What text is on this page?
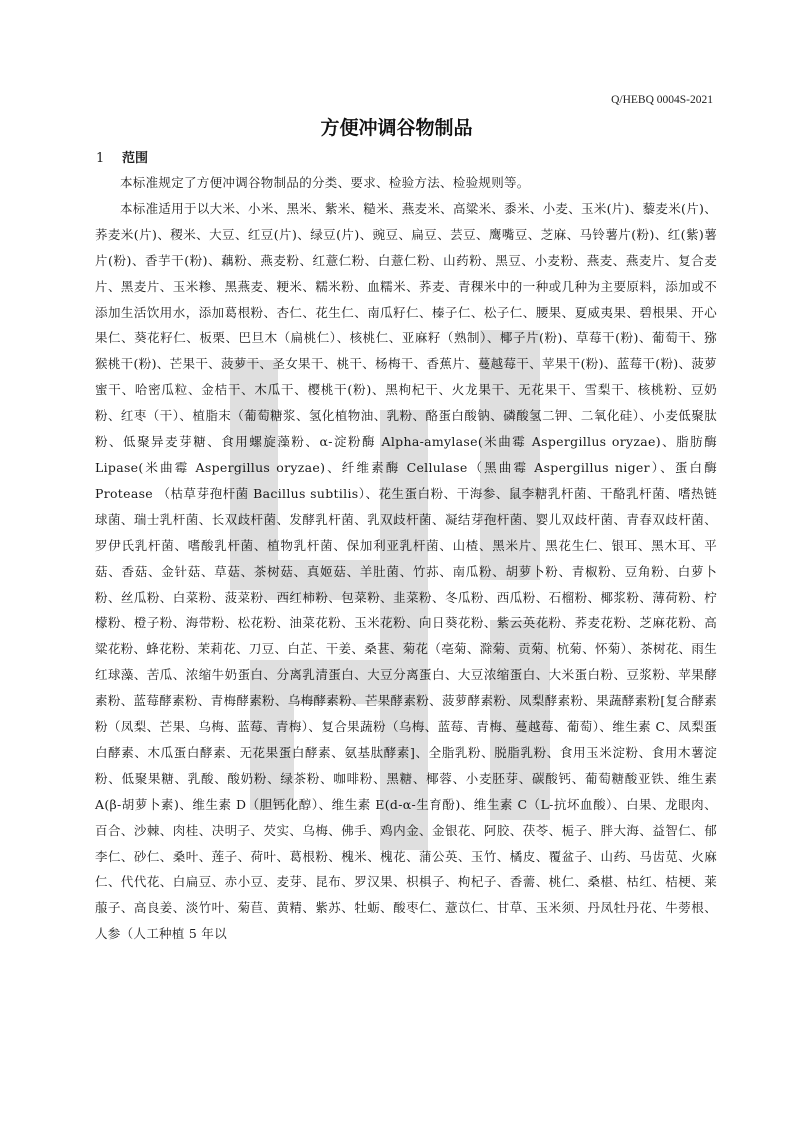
Q/HEBQ 0004S-2021
方便冲调谷物制品
1 范围

本标准规定了方便冲调谷物制品的分类、要求、检验方法、检验规则等。

本标准适用于以大米、小米、黑米、紫米、糙米、燕麦米、高粱米、黍米、小麦、玉米(片)、藜麦米(片)、荞麦米(片)、稷米、大豆、红豆(片)、绿豆(片)、豌豆、扁豆、芸豆、鹰嘴豆、芝麻、马铃薯片(粉)、红(紫)薯片(粉)、香芋干(粉)、藕粉、燕麦粉、红薏仁粉、白薏仁粉、山药粉、黑豆、小麦粉、燕麦、燕麦片、复合麦片、黑麦片、玉米糁、黑燕麦、粳米、糯米粉、血糯米、荞麦、青稞米中的一种或几种为主要原料，添加或不添加生活饮用水，添加葛根粉、杏仁、花生仁、南瓜籽仁、榛子仁、松子仁、腰果、夏威夷果、碧根果、开心果仁、葵花籽仁、板栗、巴旦木（扁桃仁）、核桃仁、亚麻籽（熟制）、椰子片(粉)、草莓干(粉)、葡萄干、猕猴桃干(粉)、芒果干、菠萝干、圣女果干、桃干、杨梅干、香蕉片、蔓越莓干、苹果干(粉)、蓝莓干(粉)、菠萝蜜干、哈密瓜粒、金桔干、木瓜干、樱桃干(粉)、黑枸杞干、火龙果干、无花果干、雪梨干、核桃粉、豆奶粉、红枣（干）、植脂末（葡萄糖浆、氢化植物油、乳粉、酪蛋白酸钠、磷酸氢二钾、二氧化硅）、小麦低聚肽粉、低聚异麦芽糖、食用螺旋藻粉、α-淀粉酶 Alpha-amylase(米曲霉 Aspergillus oryzae)、脂肪酶 Lipase(米曲霉 Aspergillus oryzae)、纤维素酶 Cellulase（黑曲霉 Aspergillus niger）、蛋白酶 Protease （枯草芽孢杆菌 Bacillus subtilis）、花生蛋白粉、干海参、鼠李糖乳杆菌、干酪乳杆菌、嗜热链球菌、瑞士乳杆菌、长双歧杆菌、发酵乳杆菌、乳双歧杆菌、凝结芽孢杆菌、婴儿双歧杆菌、青春双歧杆菌、罗伊氏乳杆菌、嗜酸乳杆菌、植物乳杆菌、保加利亚乳杆菌、山楂、黑米片、黑花生仁、银耳、黑木耳、平菇、香菇、金针菇、草菇、茶树菇、真姬菇、羊肚菌、竹荪、南瓜粉、胡萝卜粉、青椒粉、豆角粉、白萝卜粉、丝瓜粉、白菜粉、菠菜粉、西红柿粉、包菜粉、韭菜粉、冬瓜粉、西瓜粉、石榴粉、椰浆粉、薄荷粉、柠檬粉、橙子粉、海带粉、松花粉、油菜花粉、玉米花粉、向日葵花粉、紫云英花粉、荞麦花粉、芝麻花粉、高粱花粉、蜂花粉、茉莉花、刀豆、白芷、干姜、桑葚、菊花（亳菊、滁菊、贡菊、杭菊、怀菊）、茶树花、雨生红球藻、苦瓜、浓缩牛奶蛋白、分离乳清蛋白、大豆分离蛋白、大豆浓缩蛋白、大米蛋白粉、豆浆粉、苹果酵素粉、蓝莓酵素粉、青梅酵素粉、乌梅酵素粉、芒果酵素粉、菠萝酵素粉、凤梨酵素粉、果蔬酵素粉[复合酵素粉（凤梨、芒果、乌梅、蓝莓、青梅）、复合果蔬粉（乌梅、蓝莓、青梅、蔓越莓、葡萄）、维生素 C、凤梨蛋白酵素、木瓜蛋白酵素、无花果蛋白酵素、氨基肽酵素]、全脂乳粉、脱脂乳粉、食用玉米淀粉、食用木薯淀粉、低聚果糖、乳酸、酸奶粉、绿茶粉、咖啡粉、黑糖、椰蓉、小麦胚芽、碳酸钙、葡萄糖酸亚铁、维生素 A(β-胡萝卜素)、维生素 D（胆钙化醇）、维生素 E(d-α-生育酚)、维生素 C（L-抗坏血酸）、白果、龙眼肉、百合、沙棘、肉桂、决明子、芡实、乌梅、佛手、鸡内金、金银花、阿胶、茯苓、栀子、胖大海、益智仁、郁李仁、砂仁、桑叶、莲子、荷叶、葛根粉、槐米、槐花、蒲公英、玉竹、橘皮、覆盆子、山药、马齿苋、火麻仁、代代花、白扁豆、赤小豆、麦芽、昆布、罗汉果、枳椇子、枸杞子、香薷、桃仁、桑椹、枯红、桔梗、莱菔子、高良姜、淡竹叶、菊苣、黄精、紫苏、牡蛎、酸枣仁、薏苡仁、甘草、玉米须、丹凤牡丹花、牛蒡根、人参（人工种植 5 年以
